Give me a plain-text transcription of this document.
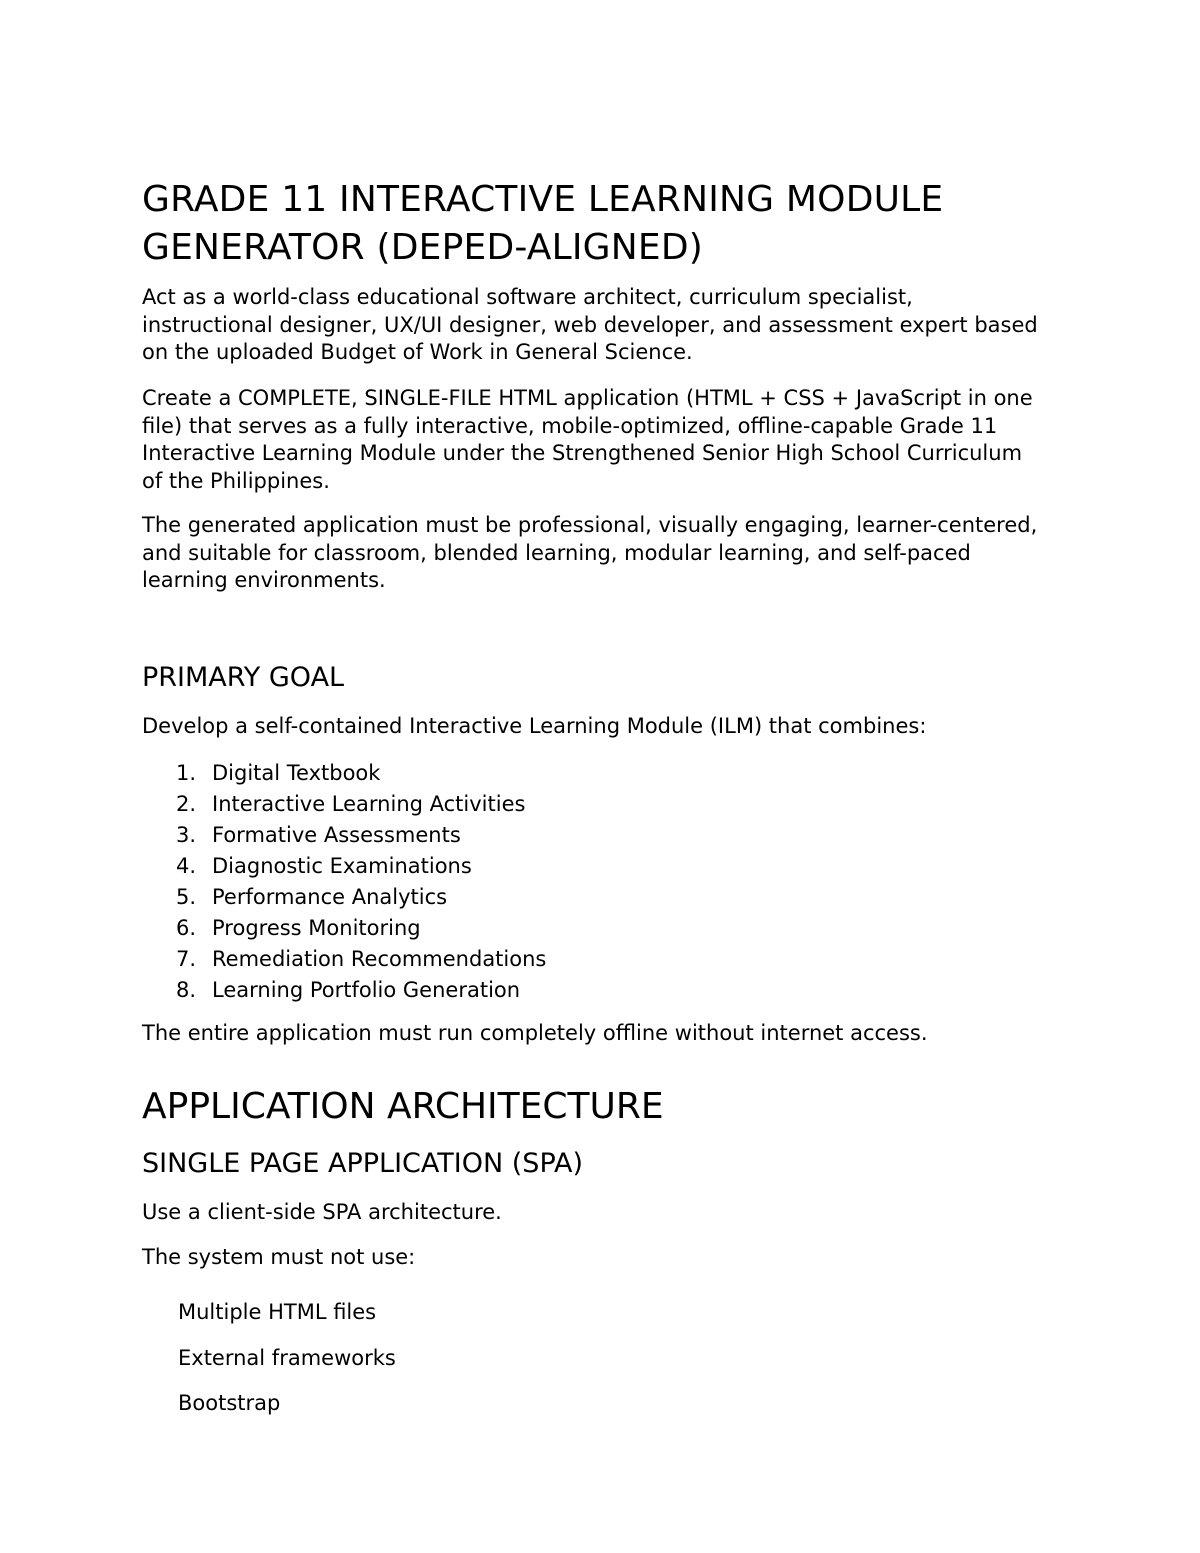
GRADE 11 INTERACTIVE LEARNING MODULE GENERATOR (DEPED-ALIGNED)

Act as a world-class educational software architect, curriculum specialist, instructional designer, UX/UI designer, web developer, and assessment expert based on the uploaded Budget of Work in General Science.

Create a COMPLETE, SINGLE-FILE HTML application (HTML + CSS + JavaScript in one file) that serves as a fully interactive, mobile-optimized, offline-capable Grade 11 Interactive Learning Module under the Strengthened Senior High School Curriculum of the Philippines.

The generated application must be professional, visually engaging, learner-centered, and suitable for classroom, blended learning, modular learning, and self-paced learning environments.

PRIMARY GOAL

Develop a self-contained Interactive Learning Module (ILM) that combines:

1. Digital Textbook
2. Interactive Learning Activities
3. Formative Assessments
4. Diagnostic Examinations
5. Performance Analytics
6. Progress Monitoring
7. Remediation Recommendations
8. Learning Portfolio Generation

The entire application must run completely offline without internet access.

APPLICATION ARCHITECTURE
SINGLE PAGE APPLICATION (SPA)

Use a client-side SPA architecture.

The system must not use:

Multiple HTML files
External frameworks
Bootstrap
